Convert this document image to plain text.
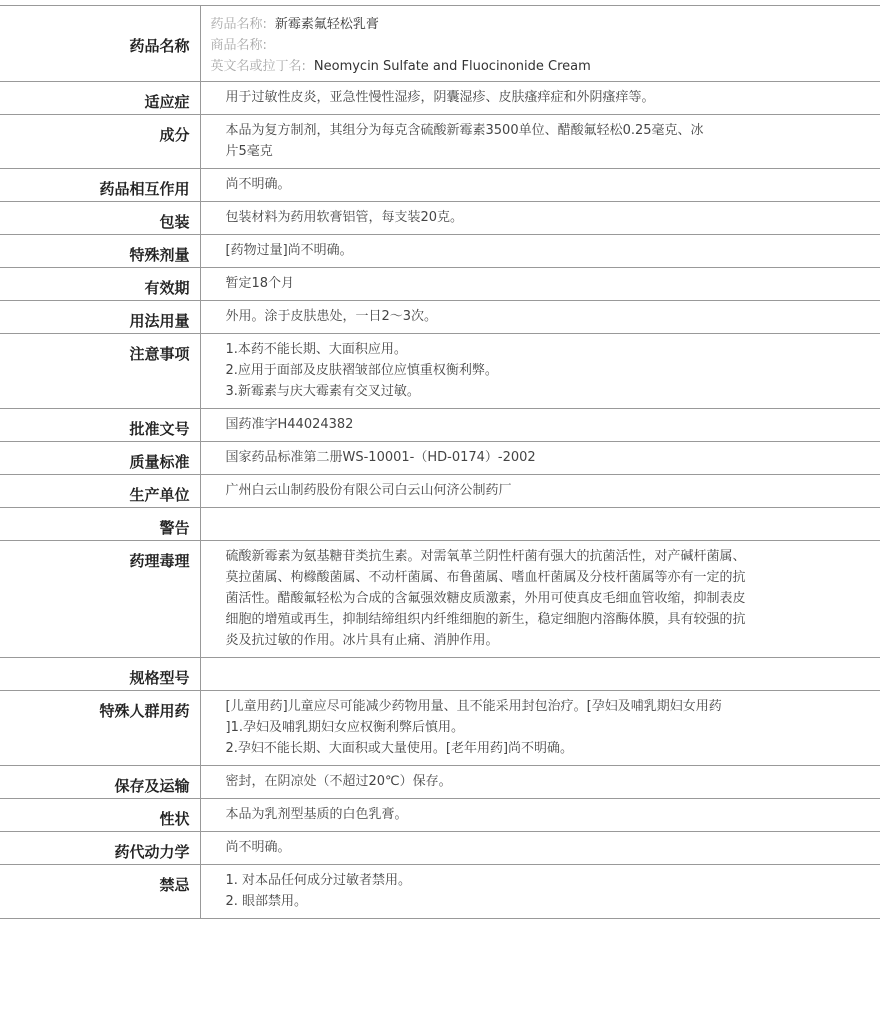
药品名称	药品名称: 新霉素氟轻松乳膏
商品名称:
英文名或拉丁名: Neomycin Sulfate and Fluocinonide Cream

适应症	用于过敏性皮炎，亚急性慢性湿疹，阴囊湿疹、皮肤瘙痒症和外阴瘙痒等。

成分	本品为复方制剂，其组分为每克含硫酸新霉素3500单位、醋酸氟轻松0.25毫克、冰
片5毫克

药品相互作用	尚不明确。

包装	包装材料为药用软膏铝管，每支装20克。

特殊剂量	[药物过量]尚不明确。

有效期	暂定18个月

用法用量	外用。涂于皮肤患处，一日2～3次。

注意事项	1.本药不能长期、大面积应用。
2.应用于面部及皮肤褶皱部位应慎重权衡利弊。
3.新霉素与庆大霉素有交叉过敏。

批准文号	国药准字H44024382

质量标准	国家药品标准第二册WS-10001-（HD-0174）-2002

生产单位	广州白云山制药股份有限公司白云山何济公制药厂

警告	
药理毒理	硫酸新霉素为氨基糖苷类抗生素。对需氧革兰阴性杆菌有强大的抗菌活性，对产碱杆菌属、
莫拉菌属、枸橼酸菌属、不动杆菌属、布鲁菌属、嗜血杆菌属及分枝杆菌属等亦有一定的抗
菌活性。醋酸氟轻松为合成的含氟强效糖皮质激素，外用可使真皮毛细血管收缩，抑制表皮
细胞的增殖或再生，抑制结缔组织内纤维细胞的新生，稳定细胞内溶酶体膜，具有较强的抗
炎及抗过敏的作用。冰片具有止痛、消肿作用。

规格型号	
特殊人群用药	[儿童用药]儿童应尽可能减少药物用量、且不能采用封包治疗。[孕妇及哺乳期妇女用药
]1.孕妇及哺乳期妇女应权衡利弊后慎用。
2.孕妇不能长期、大面积或大量使用。[老年用药]尚不明确。

保存及运输	密封，在阴凉处（不超过20℃）保存。

性状	本品为乳剂型基质的白色乳膏。

药代动力学	尚不明确。

禁忌	1. 对本品任何成分过敏者禁用。
2. 眼部禁用。
